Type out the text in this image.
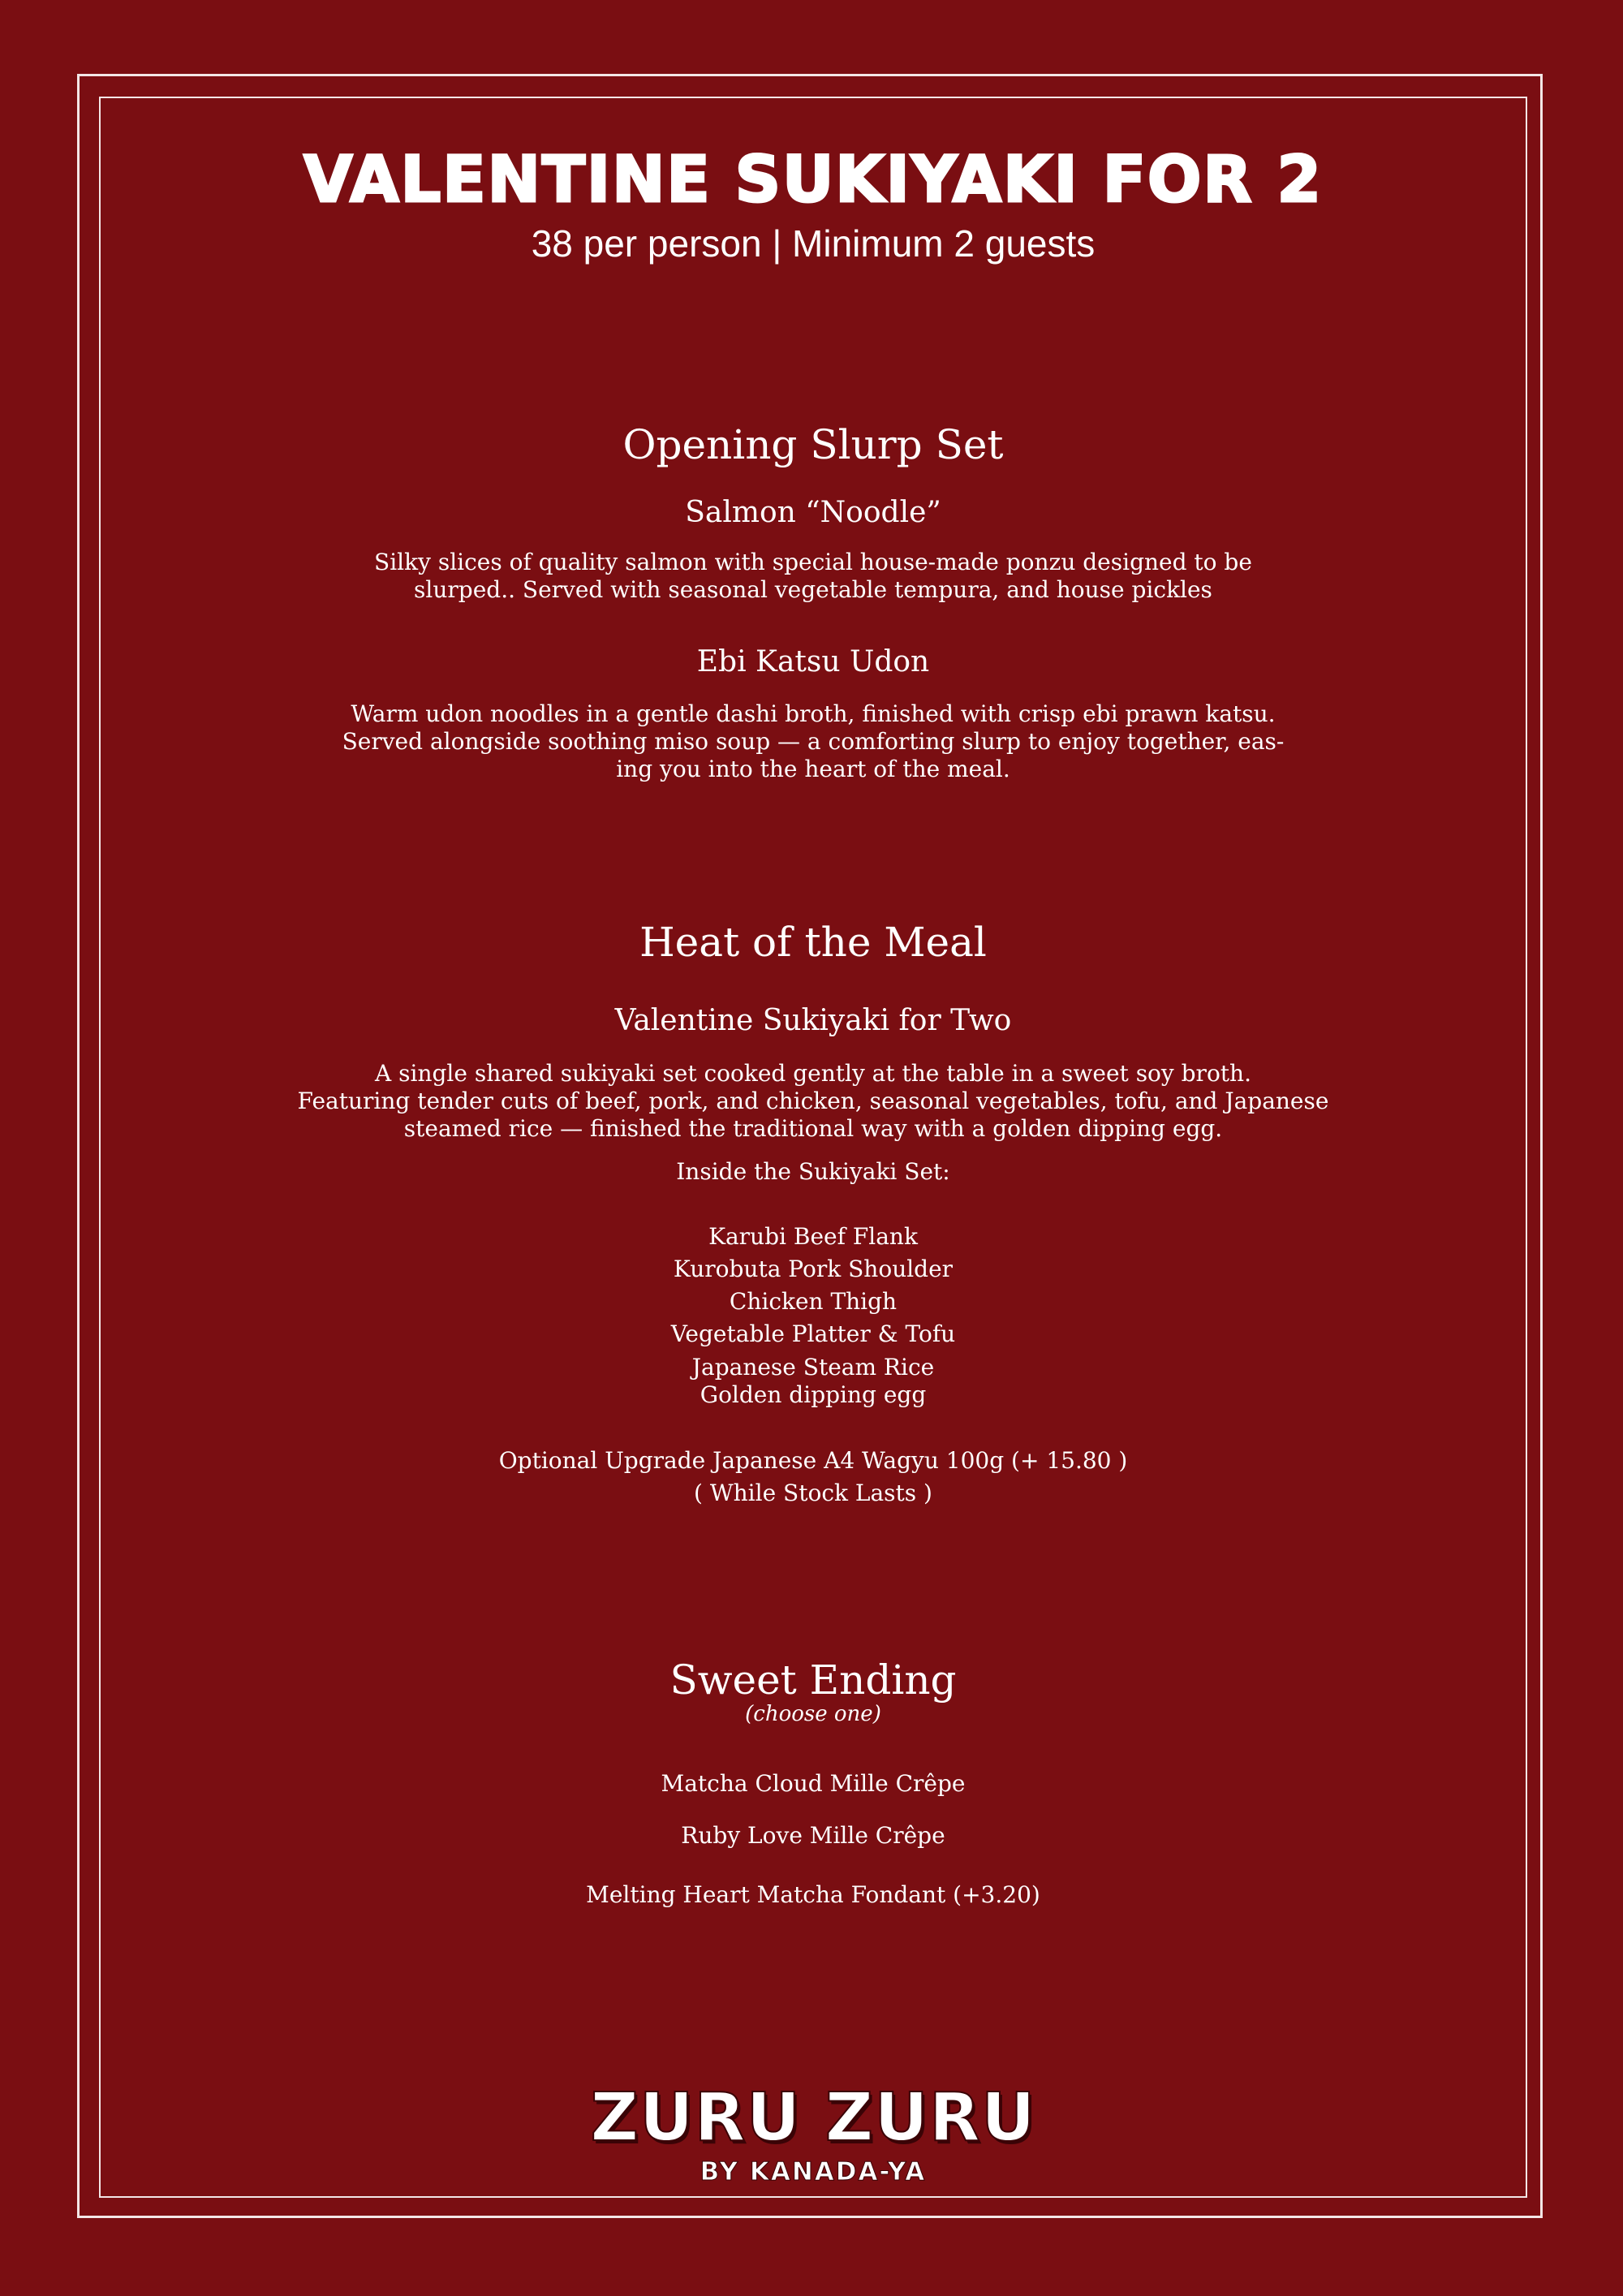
VALENTINE SUKIYAKI FOR 2
38 per person | Minimum 2 guests
Opening Slurp Set
Salmon “Noodle”
Silky slices of quality salmon with special house-made ponzu designed to be
slurped.. Served with seasonal vegetable tempura, and house pickles
Ebi Katsu Udon
Warm udon noodles in a gentle dashi broth, finished with crisp ebi prawn katsu.
Served alongside soothing miso soup — a comforting slurp to enjoy together, eas-
ing you into the heart of the meal.
Heat of the Meal
Valentine Sukiyaki for Two
A single shared sukiyaki set cooked gently at the table in a sweet soy broth.
Featuring tender cuts of beef, pork, and chicken, seasonal vegetables, tofu, and Japanese
steamed rice — finished the traditional way with a golden dipping egg.
Inside the Sukiyaki Set:
Karubi Beef Flank
Kurobuta Pork Shoulder
Chicken Thigh
Vegetable Platter & Tofu
Japanese Steam Rice
Golden dipping egg
Optional Upgrade Japanese A4 Wagyu 100g (+ 15.80 )
( While Stock Lasts )
Sweet Ending
(choose one)
Matcha Cloud Mille Crêpe
Ruby Love Mille Crêpe
Melting Heart Matcha Fondant (+3.20)
ZURU ZURU
BY KANADA-YA
